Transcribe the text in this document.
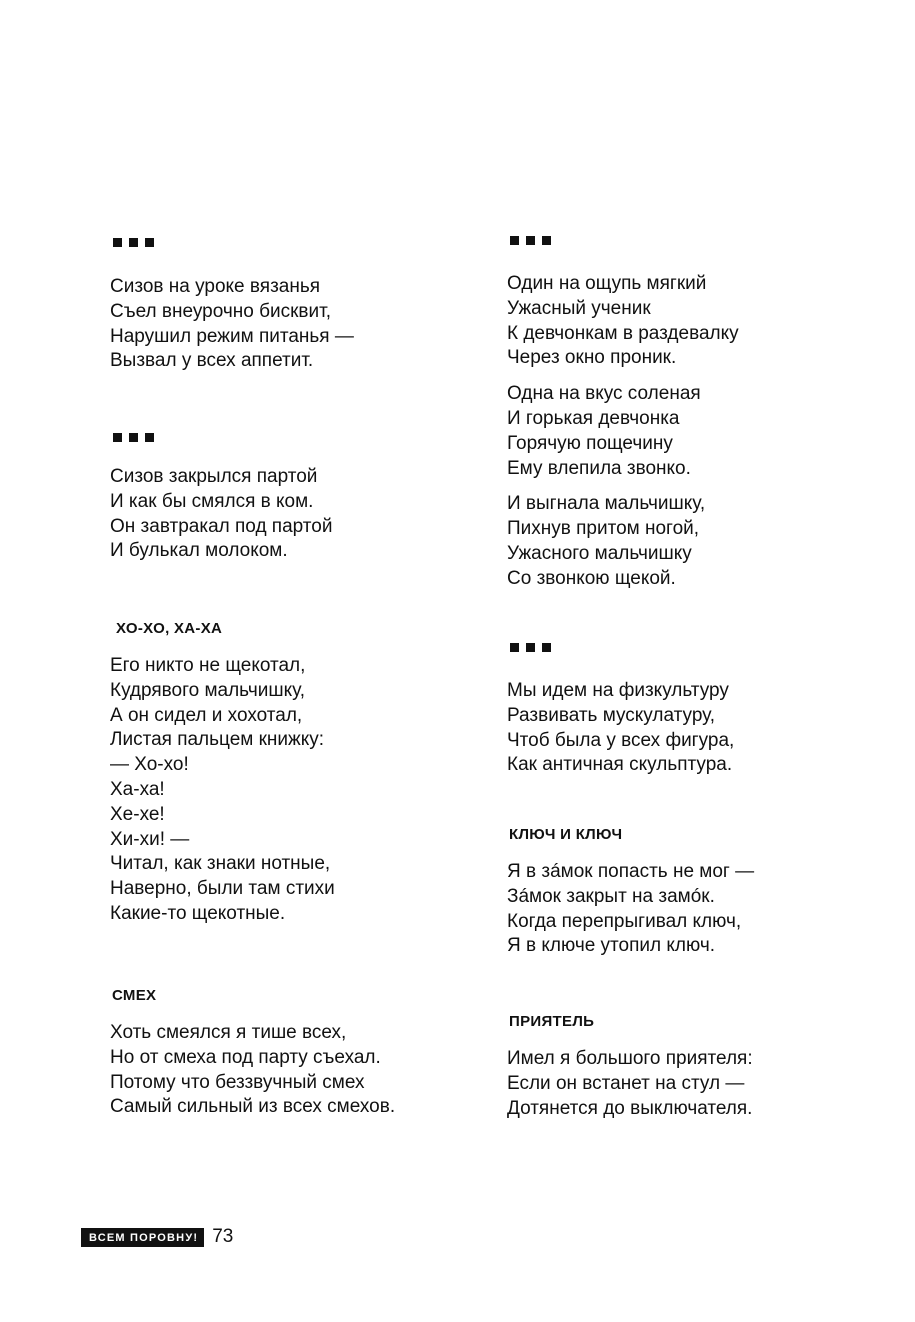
Сизов на уроке вязанья
Съел внеурочно бисквит,
Нарушил режим питанья —
Вызвал у всех аппетит.
Сизов закрылся партой
И как бы смялся в ком.
Он завтракал под партой
И булькал молоком.
ХО-ХО, ХА-ХА
Его никто не щекотал,
Кудрявого мальчишку,
А он сидел и хохотал,
Листая пальцем книжку:
— Хо-хо!
Ха-ха!
Хе-хе!
Хи-хи! —
Читал, как знаки нотные,
Наверно, были там стихи
Какие-то щекотные.
СМЕХ
Хоть смеялся я тише всех,
Но от смеха под парту съехал.
Потому что беззвучный смех
Самый сильный из всех смехов.
Один на ощупь мягкий
Ужасный ученик
К девчонкам в раздевалку
Через окно проник.
Одна на вкус соленая
И горькая девчонка
Горячую пощечину
Ему влепила звонко.
И выгнала мальчишку,
Пихнув притом ногой,
Ужасного мальчишку
Со звонкою щекой.
Мы идем на физкультуру
Развивать мускулатуру,
Чтоб была у всех фигура,
Как античная скульптура.
КЛЮЧ И КЛЮЧ
Я в зáмок попасть не мог —
Зáмок закрыт на замóк.
Когда перепрыгивал ключ,
Я в ключе утопил ключ.
ПРИЯТЕЛЬ
Имел я большого приятеля:
Если он встанет на стул —
Дотянется до выключателя.
ВСЕМ ПОРОВНУ! 73
